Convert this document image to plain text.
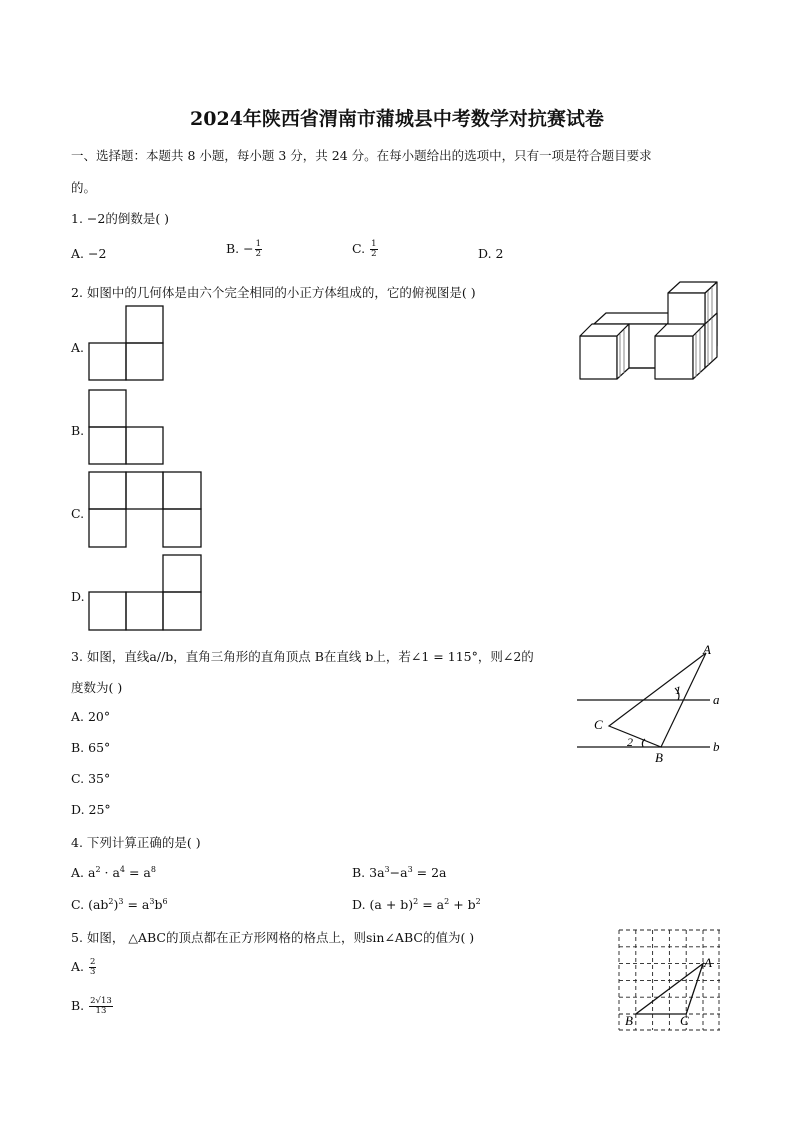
2024年陕西省渭南市蒲城县中考数学对抗赛试卷
一、选择题：本题共 8 小题，每小题 3 分，共 24 分。在每小题给出的选项中，只有一项是符合题目要求
的。
1. −2的倒数是( )
A. −2	B. − $\frac{1}{2}$	C. $\frac{1}{2}$	D. 2
2. 如图中的几何体是由六个完全相同的小正方体组成的，它的俯视图是( )
A.
B.
C.
D.
3. 如图，直线a//b，直角三角形的直角顶点 B在直线 b上，若∠1 = 115°，则∠2的
度数为( )
A. 20°
B. 65°
C. 35°
D. 25°
A
C
B
a
b
1
2
4. 下列计算正确的是( )
A. $a^2 \cdot a^4 = a^8$	B. $3a^3-a^3 = 2a$
C. $(ab^2)^3 = a^3b^6$	D. $(a + b)^2 = a^2 + b^2$
5. 如图， △ABC的顶点都在正方形网格的格点上，则sin∠ABC的值为( )
A. $\frac{2}{3}$
B. $\frac{2√13}{13}$
A
B	C
